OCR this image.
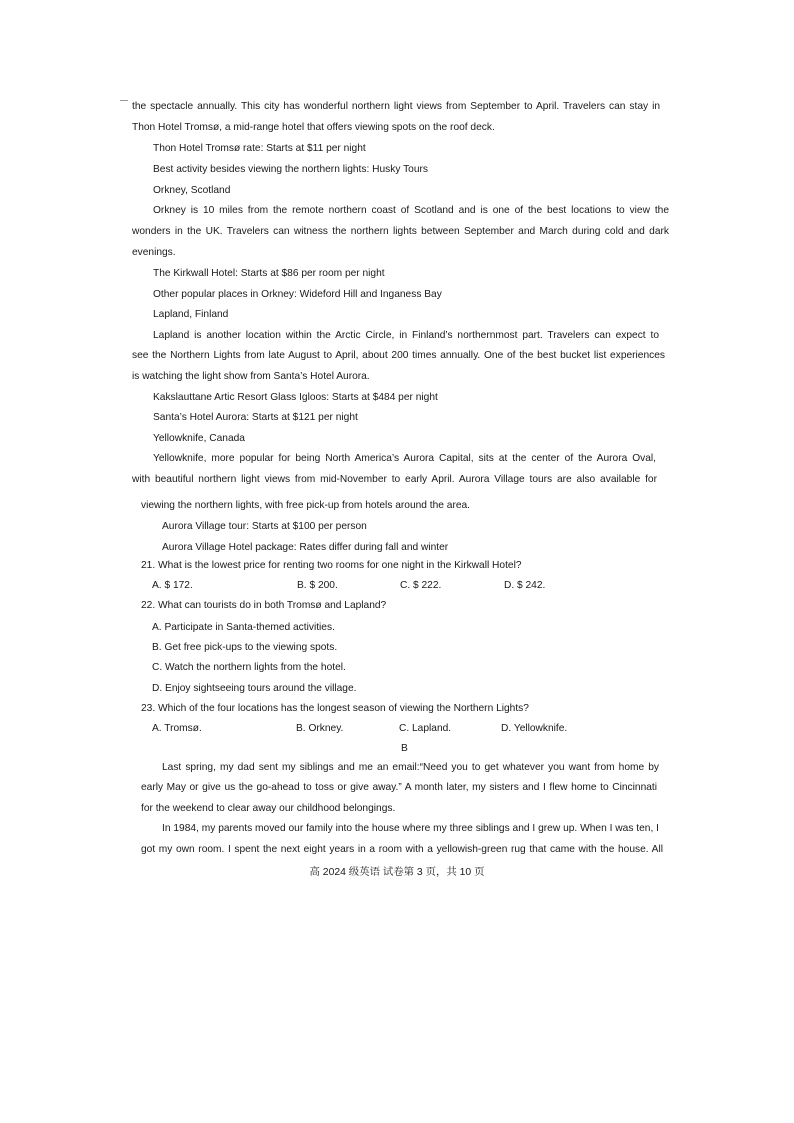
the spectacle annually. This city has wonderful northern light views from September to April. Travelers can stay in
Thon Hotel Tromsø, a mid-range hotel that offers viewing spots on the roof deck.
Thon Hotel Tromsø rate: Starts at $11 per night
Best activity besides viewing the northern lights: Husky Tours
Orkney, Scotland
Orkney is 10 miles from the remote northern coast of Scotland and is one of the best locations to view the
wonders in the UK. Travelers can witness the northern lights between September and March during cold and dark
evenings.
The Kirkwall Hotel: Starts at $86 per room per night
Other popular places in Orkney: Wideford Hill and Inganess Bay
Lapland, Finland
Lapland is another location within the Arctic Circle, in Finland’s northernmost part. Travelers can expect to
see the Northern Lights from late August to April, about 200 times annually. One of the best bucket list experiences
is watching the light show from Santa’s Hotel Aurora.
Kakslauttane Artic Resort Glass Igloos: Starts at $484 per night
Santa’s Hotel Aurora: Starts at $121 per night
Yellowknife, Canada
Yellowknife, more popular for being North America’s Aurora Capital, sits at the center of the Aurora Oval,
with beautiful northern light views from mid-November to early April. Aurora Village tours are also available for
viewing the northern lights, with free pick-up from hotels around the area.
Aurora Village tour: Starts at $100 per person
Aurora Village Hotel package: Rates differ during fall and winter
21. What is the lowest price for renting two rooms for one night in the Kirkwall Hotel?
A. $ 172.	B. $ 200.	C. $ 222.	D. $ 242.
22. What can tourists do in both Tromsø and Lapland?
A. Participate in Santa-themed activities.
B. Get free pick-ups to the viewing spots.
C. Watch the northern lights from the hotel.
D. Enjoy sightseeing tours around the village.
23. Which of the four locations has the longest season of viewing the Northern Lights?
A. Tromsø.	B. Orkney.	C. Lapland.	D. Yellowknife.
B
Last spring, my dad sent my siblings and me an email:“Need you to get whatever you want from home by
early May or give us the go-ahead to toss or give away.” A month later, my sisters and I flew home to Cincinnati
for the weekend to clear away our childhood belongings.
In 1984, my parents moved our family into the house where my three siblings and I grew up. When I was ten, I
got my own room. I spent the next eight years in a room with a yellowish-green rug that came with the house. All
高 2024 级英语 试卷第 3 页，共 10 页
